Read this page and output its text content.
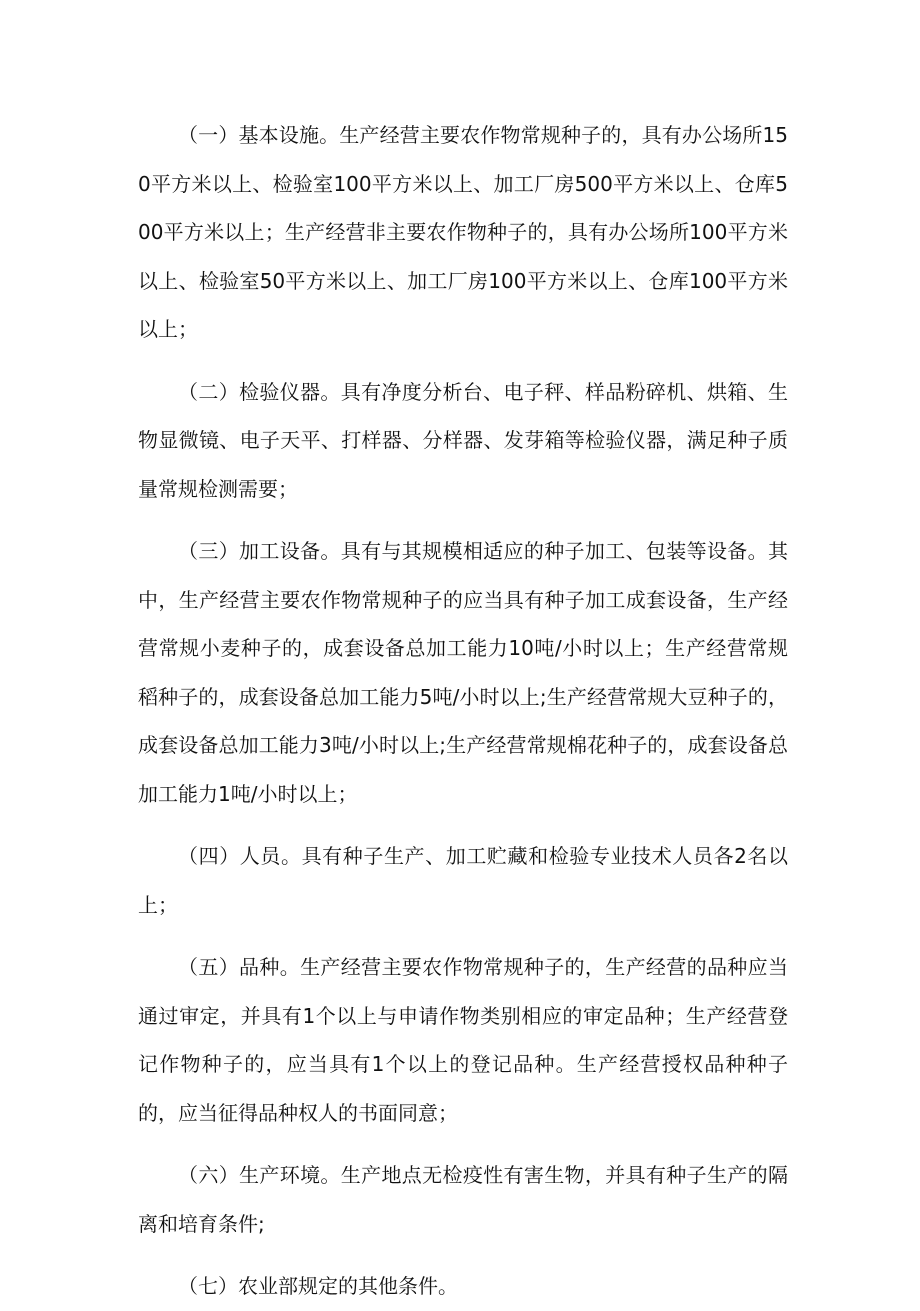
（一）基本设施。生产经营主要农作物常规种子的，具有办公场所150平方米以上、检验室100平方米以上、加工厂房500平方米以上、仓库500平方米以上；生产经营非主要农作物种子的，具有办公场所100平方米以上、检验室50平方米以上、加工厂房100平方米以上、仓库100平方米以上；

（二）检验仪器。具有净度分析台、电子秤、样品粉碎机、烘箱、生物显微镜、电子天平、打样器、分样器、发芽箱等检验仪器，满足种子质量常规检测需要；

（三）加工设备。具有与其规模相适应的种子加工、包装等设备。其中，生产经营主要农作物常规种子的应当具有种子加工成套设备，生产经营常规小麦种子的，成套设备总加工能力10吨/小时以上；生产经营常规稻种子的，成套设备总加工能力5吨/小时以上;生产经营常规大豆种子的，成套设备总加工能力3吨/小时以上;生产经营常规棉花种子的，成套设备总加工能力1吨/小时以上；

（四）人员。具有种子生产、加工贮藏和检验专业技术人员各2名以上；

（五）品种。生产经营主要农作物常规种子的，生产经营的品种应当通过审定，并具有1个以上与申请作物类别相应的审定品种；生产经营登记作物种子的，应当具有1个以上的登记品种。生产经营授权品种种子的，应当征得品种权人的书面同意；

（六）生产环境。生产地点无检疫性有害生物，并具有种子生产的隔离和培育条件;

（七）农业部规定的其他条件。
